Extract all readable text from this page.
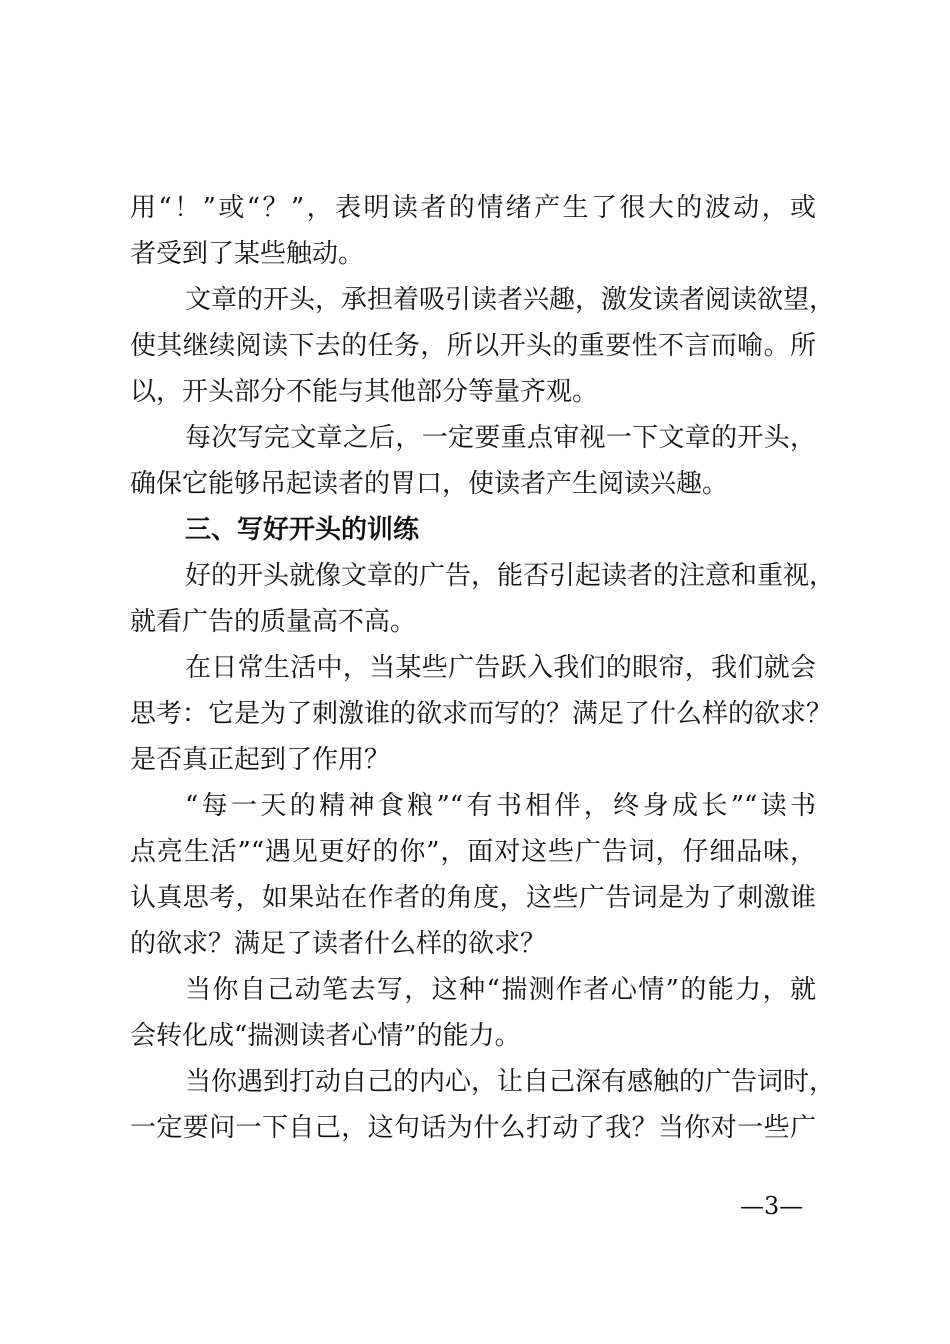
用“！”或“？”，表明读者的情绪产生了很大的波动，或
者受到了某些触动。
文章的开头，承担着吸引读者兴趣，激发读者阅读欲望，
使其继续阅读下去的任务，所以开头的重要性不言而喻。所
以，开头部分不能与其他部分等量齐观。
每次写完文章之后，一定要重点审视一下文章的开头，
确保它能够吊起读者的胃口，使读者产生阅读兴趣。
三、写好开头的训练
好的开头就像文章的广告，能否引起读者的注意和重视，
就看广告的质量高不高。
在日常生活中，当某些广告跃入我们的眼帘，我们就会
思考：它是为了刺激谁的欲求而写的？满足了什么样的欲求？
是否真正起到了作用？
“每一天的精神食粮”“有书相伴，终身成长”“读书
点亮生活”“遇见更好的你”，面对这些广告词，仔细品味，
认真思考，如果站在作者的角度，这些广告词是为了刺激谁
的欲求？满足了读者什么样的欲求？
当你自己动笔去写，这种“揣测作者心情”的能力，就
会转化成“揣测读者心情”的能力。
当你遇到打动自己的内心，让自己深有感触的广告词时，
一定要问一下自己，这句话为什么打动了我？当你对一些广
—3—
